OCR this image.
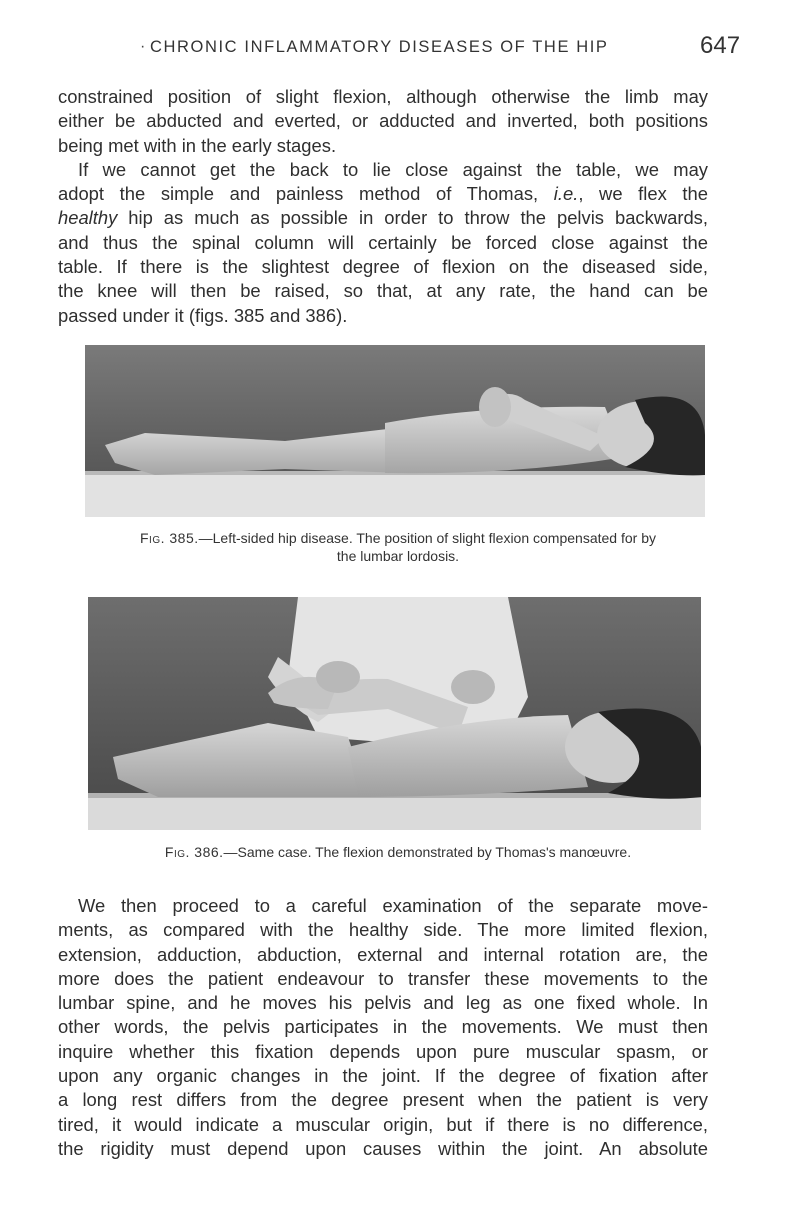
· CHRONIC INFLAMMATORY DISEASES OF THE HIP	647
constrained position of slight flexion, although otherwise the limb may
either be abducted and everted, or adducted and inverted, both positions
being met with in the early stages.
If we cannot get the back to lie close against the table, we may
adopt the simple and painless method of Thomas, i.e., we flex the
healthy hip as much as possible in order to throw the pelvis backwards,
and thus the spinal column will certainly be forced close against the
table. If there is the slightest degree of flexion on the diseased side,
the knee will then be raised, so that, at any rate, the hand can be
passed under it (figs. 385 and 386).
Fig. 385.—Left-sided hip disease. The position of slight flexion compensated for by
the lumbar lordosis.
Fig. 386.—Same case. The flexion demonstrated by Thomas's manœuvre.
We then proceed to a careful examination of the separate move-
ments, as compared with the healthy side. The more limited flexion,
extension, adduction, abduction, external and internal rotation are, the
more does the patient endeavour to transfer these movements to the
lumbar spine, and he moves his pelvis and leg as one fixed whole. In
other words, the pelvis participates in the movements. We must then
inquire whether this fixation depends upon pure muscular spasm, or
upon any organic changes in the joint. If the degree of fixation after
a long rest differs from the degree present when the patient is very
tired, it would indicate a muscular origin, but if there is no difference,
the rigidity must depend upon causes within the joint. An absolute
